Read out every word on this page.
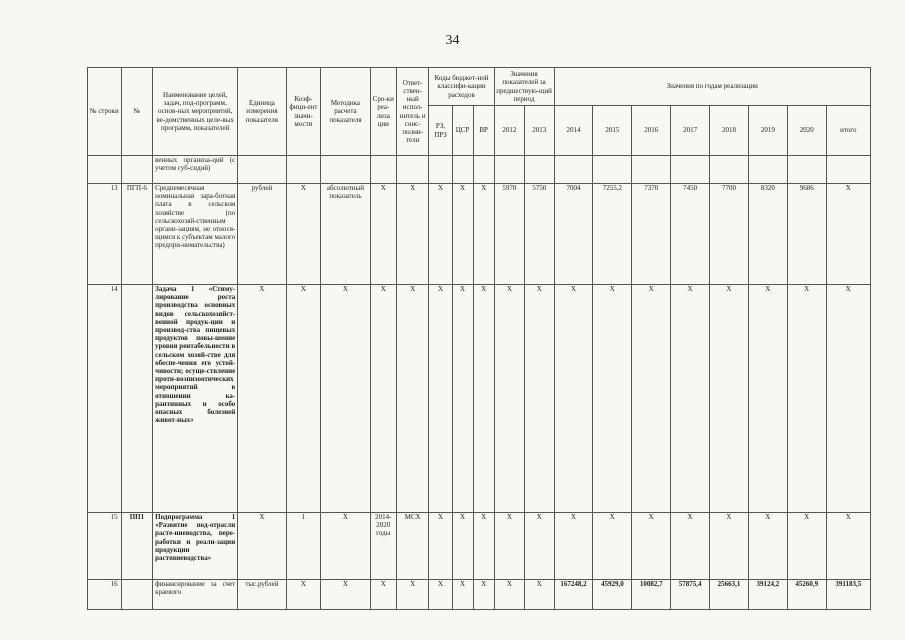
34
№ строки	№	Наименование целей, задач, под-программ, основ-ных мероприятий, ве-домственных целе-вых программ, показателей	Единица измерения показателя	Коэф-фици-ент значи-мости	Методика расчета показателя	Сро-ки реа-лиза ции	Ответ-ствен-ный испол-нитель и соис-полни-тели	Коды бюджет-ной классифи-кации расходов			Значения показателей за предшествую-щий период		Значения по годам реализации							
								РЗ, ПРЗ	ЦСР	ВР	2012	2013	2014	2015	2016	2017	2018	2019	2020	итого
		венных организа-ций (с учетом суб-сидий)																		
13	ПГП-6	Среднемесячная номинальная зара-ботная плата в сельском хозяйстве (по сельскохозяй-ственным органи-зациям, не относя-щимся к субъектам малого предпри-нимательства)	рублей	X	абсолютный показатель	X	X	X	X	X	5970	5750	7004	7255,2	7370	7450	7700	8320	9686	X
14		Задача 1 «Стиму-лирование роста производства основных видов сельскохозяйст-венной продук-ции и производ-ства пищевых продуктов повы-шение уровня рентабельности в сельском хозяй-стве для обеспе-чения его устой-чивости; осуще-ствление проти-воэпизоотических мероприятий в отношении ка-рантинных и особо опасных болезней живот-ных»	X	X	X	X	X	X	X	X	X	X	X	X	X	X	X	X	X	X
15	ПП1	Подпрограмма 1 «Развитие под-отрасли расте-ниеводства, пере-работки и реали-зации продукции растениеводства»	X	1	X	2014-2020 годы	МСХ	X	X	X	X	X	X	X	X	X	X	X	X	X
16		финансирование за счет краевого	тыс.рублей	X	X	X	X	X	X	X	X	X	167248,2	45929,0	10082,7	57875,4	25663,1	39124,2	45260,9	391183,5
